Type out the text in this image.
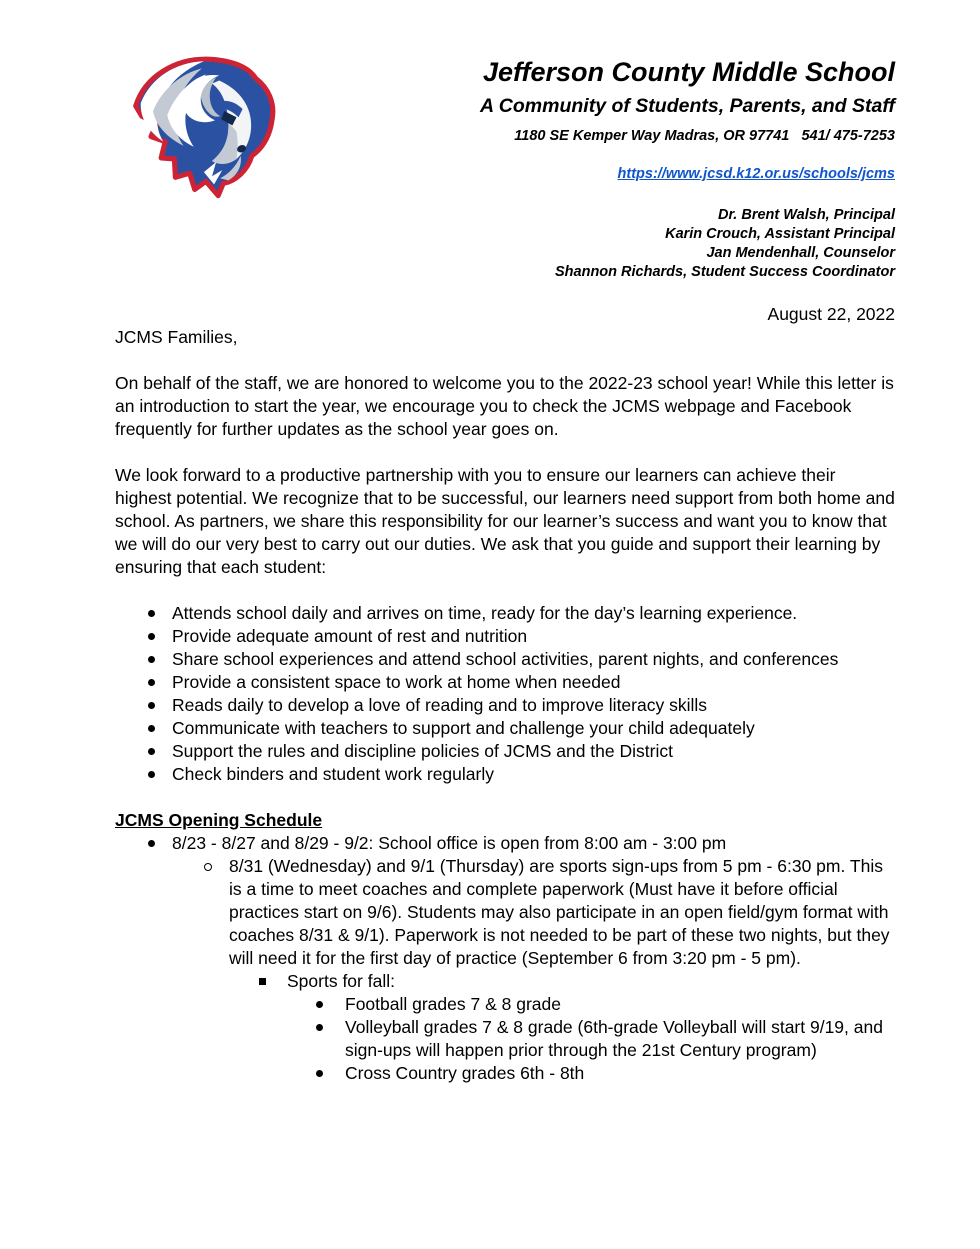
Jefferson County Middle School
A Community of Students, Parents, and Staff
1180 SE Kemper Way Madras, OR 97741   541/ 475-7253

https://www.jcsd.k12.or.us/schools/jcms

Dr. Brent Walsh, Principal
Karin Crouch, Assistant Principal
Jan Mendenhall, Counselor
Shannon Richards, Student Success Coordinator
August 22, 2022
JCMS Families,
On behalf of the staff, we are honored to welcome you to the 2022-23 school year! While this letter is an introduction to start the year, we encourage you to check the JCMS webpage and Facebook frequently for further updates as the school year goes on.
We look forward to a productive partnership with you to ensure our learners can achieve their highest potential. We recognize that to be successful, our learners need support from both home and school. As partners, we share this responsibility for our learner’s success and want you to know that we will do our very best to carry out our duties. We ask that you guide and support their learning by ensuring that each student:
Attends school daily and arrives on time, ready for the day’s learning experience.
Provide adequate amount of rest and nutrition
Share school experiences and attend school activities, parent nights, and conferences
Provide a consistent space to work at home when needed
Reads daily to develop a love of reading and to improve literacy skills
Communicate with teachers to support and challenge your child adequately
Support the rules and discipline policies of JCMS and the District
Check binders and student work regularly
JCMS Opening Schedule
8/23 - 8/27 and 8/29 - 9/2: School office is open from 8:00 am - 3:00 pm
8/31 (Wednesday) and 9/1 (Thursday) are sports sign-ups from 5 pm - 6:30 pm. This is a time to meet coaches and complete paperwork (Must have it before official practices start on 9/6). Students may also participate in an open field/gym format with coaches 8/31 & 9/1). Paperwork is not needed to be part of these two nights, but they will need it for the first day of practice (September 6 from 3:20 pm - 5 pm).
Sports for fall:
Football grades 7 & 8 grade
Volleyball grades 7 & 8 grade (6th-grade Volleyball will start 9/19, and sign-ups will happen prior through the 21st Century program)
Cross Country grades 6th - 8th
